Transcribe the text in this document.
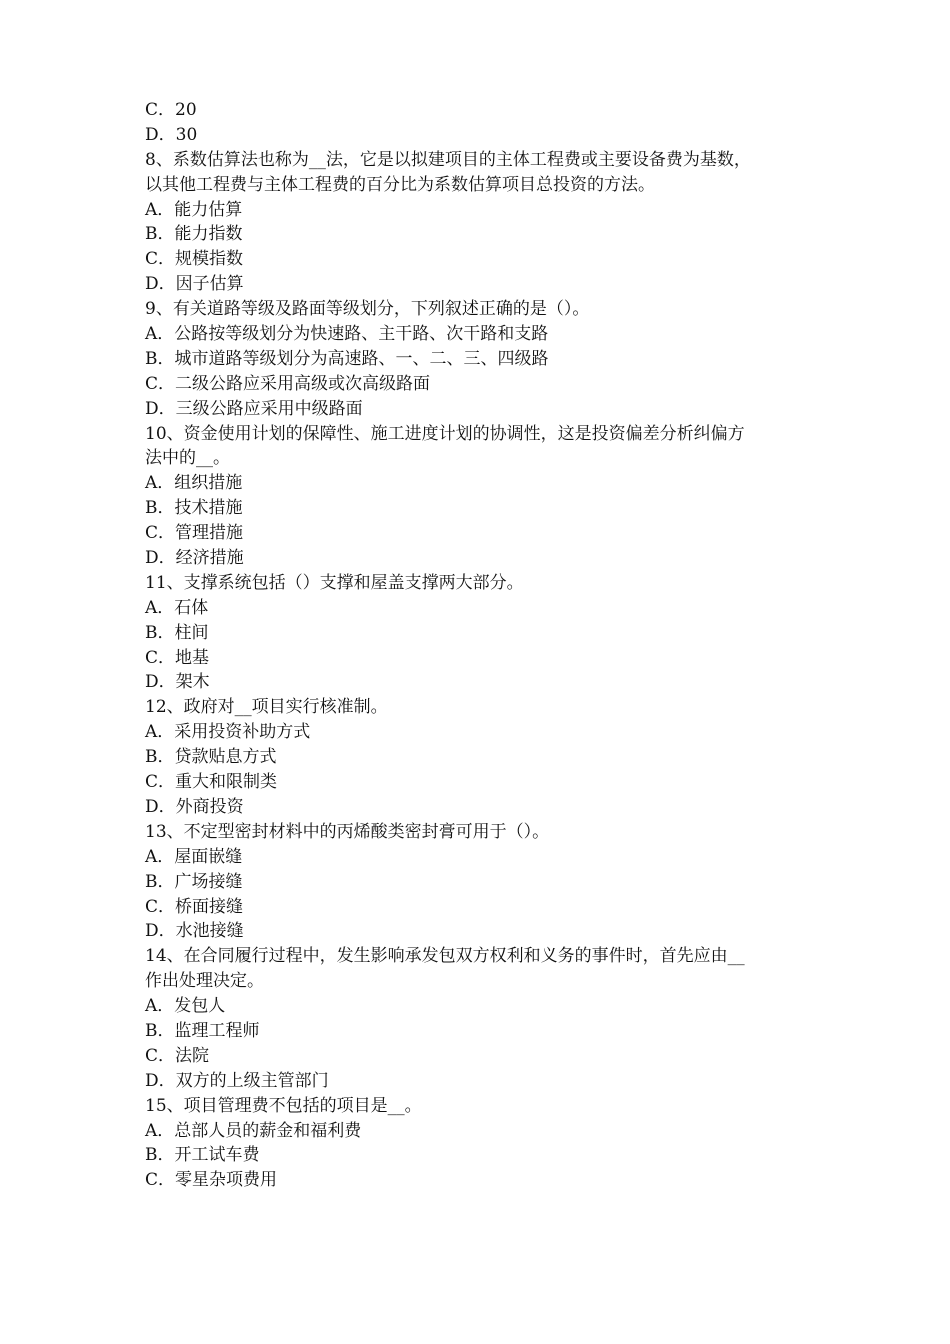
C．20
D．30
8、系数估算法也称为__法，它是以拟建项目的主体工程费或主要设备费为基数，
以其他工程费与主体工程费的百分比为系数估算项目总投资的方法。
A．能力估算
B．能力指数
C．规模指数
D．因子估算
9、有关道路等级及路面等级划分，下列叙述正确的是（）。
A．公路按等级划分为快速路、主干路、次干路和支路
B．城市道路等级划分为高速路、一、二、三、四级路
C．二级公路应采用高级或次高级路面
D．三级公路应采用中级路面
10、资金使用计划的保障性、施工进度计划的协调性，这是投资偏差分析纠偏方
法中的__。
A．组织措施
B．技术措施
C．管理措施
D．经济措施
11、支撑系统包括（）支撑和屋盖支撑两大部分。
A．石体
B．柱间
C．地基
D．架木
12、政府对__项目实行核准制。
A．采用投资补助方式
B．贷款贴息方式
C．重大和限制类
D．外商投资
13、不定型密封材料中的丙烯酸类密封膏可用于（）。
A．屋面嵌缝
B．广场接缝
C．桥面接缝
D．水池接缝
14、在合同履行过程中，发生影响承发包双方权利和义务的事件时，首先应由__
作出处理决定。
A．发包人
B．监理工程师
C．法院
D．双方的上级主管部门
15、项目管理费不包括的项目是__。
A．总部人员的薪金和福利费
B．开工试车费
C．零星杂项费用
